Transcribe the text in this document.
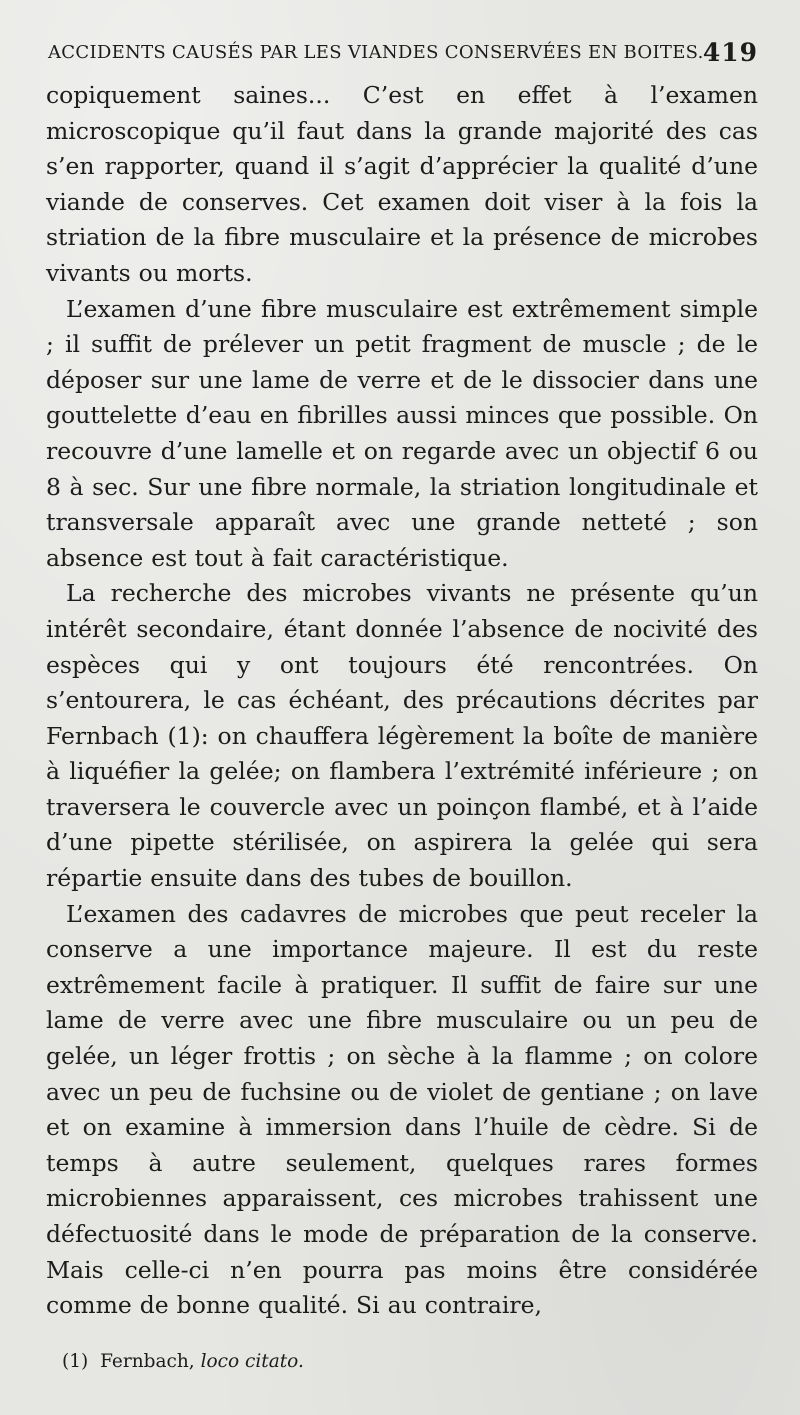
ACCIDENTS CAUSÉS PAR LES VIANDES CONSERVÉES EN BOITES. 419

copiquement saines... C’est en effet à l’examen microscopique qu’il faut dans la grande majorité des cas s’en rapporter, quand il s’agit d’apprécier la qualité d’une viande de conserves. Cet examen doit viser à la fois la striation de la fibre musculaire et la présence de microbes vivants ou morts.

L’examen d’une fibre musculaire est extrêmement simple ; il suffit de prélever un petit fragment de muscle ; de le déposer sur une lame de verre et de le dissocier dans une gouttelette d’eau en fibrilles aussi minces que possible. On recouvre d’une lamelle et on regarde avec un objectif 6 ou 8 à sec. Sur une fibre normale, la striation longitudinale et transversale apparaît avec une grande netteté ; son absence est tout à fait caractéristique.

La recherche des microbes vivants ne présente qu’un intérêt secondaire, étant donnée l’absence de nocivité des espèces qui y ont toujours été rencontrées. On s’entourera, le cas échéant, des précautions décrites par Fernbach (1): on chauffera légèrement la boîte de manière à liquéfier la gelée; on flambera l’extrémité inférieure ; on traversera le couvercle avec un poinçon flambé, et à l’aide d’une pipette stérilisée, on aspirera la gelée qui sera répartie ensuite dans des tubes de bouillon.

L’examen des cadavres de microbes que peut receler la conserve a une importance majeure. Il est du reste extrêmement facile à pratiquer. Il suffit de faire sur une lame de verre avec une fibre musculaire ou un peu de gelée, un léger frottis ; on sèche à la flamme ; on colore avec un peu de fuchsine ou de violet de gentiane ; on lave et on examine à immersion dans l’huile de cèdre. Si de temps à autre seulement, quelques rares formes microbiennes apparaissent, ces microbes trahissent une défectuosité dans le mode de préparation de la conserve. Mais celle-ci n’en pourra pas moins être considérée comme de bonne qualité. Si au contraire,

(1) Fernbach, loco citato.
